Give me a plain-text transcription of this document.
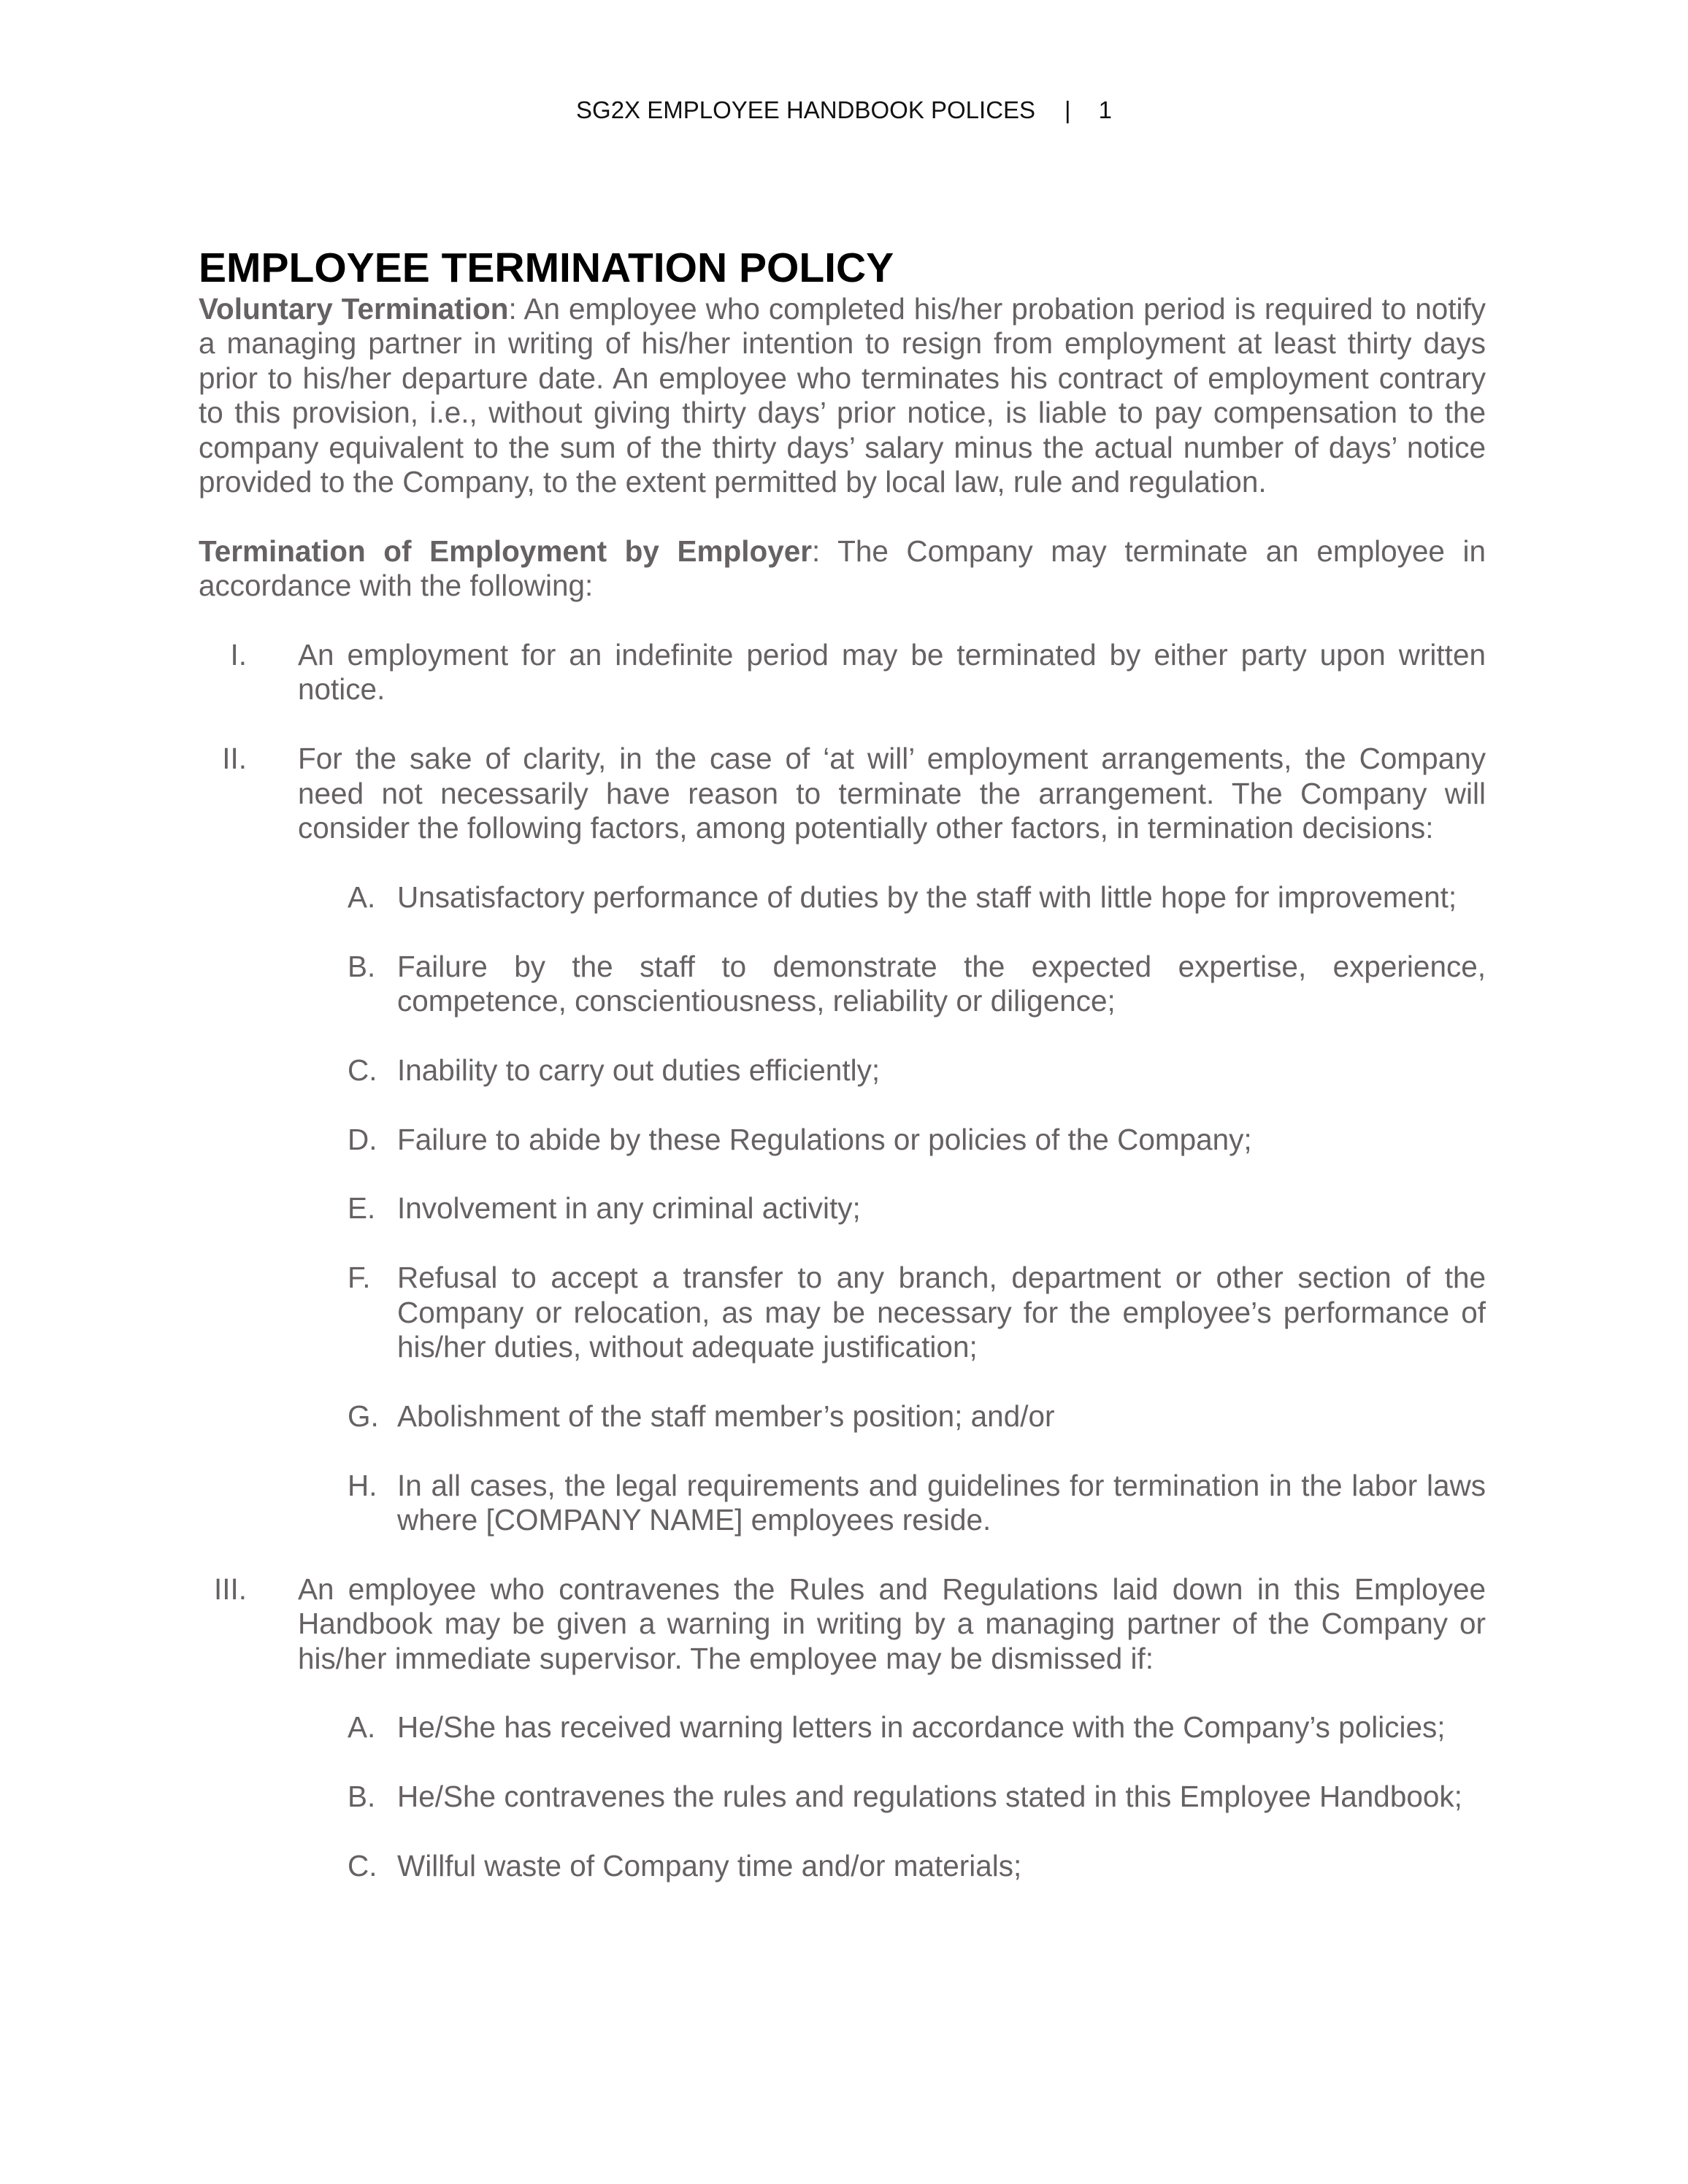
SG2X EMPLOYEE HANDBOOK POLICES | 1
EMPLOYEE TERMINATION POLICY

Voluntary Termination: An employee who completed his/her probation period is required to notify a managing partner in writing of his/her intention to resign from employment at least thirty days prior to his/her departure date. An employee who terminates his contract of employment contrary to this provision, i.e., without giving thirty days’ prior notice, is liable to pay compensation to the company equivalent to the sum of the thirty days’ salary minus the actual number of days’ notice provided to the Company, to the extent permitted by local law, rule and regulation.

Termination of Employment by Employer: The Company may terminate an employee in accordance with the following:

I. An employment for an indefinite period may be terminated by either party upon written notice.
II. For the sake of clarity, in the case of ‘at will’ employment arrangements, the Company need not necessarily have reason to terminate the arrangement. The Company will consider the following factors, among potentially other factors, in termination decisions:
A. Unsatisfactory performance of duties by the staff with little hope for improvement;
B. Failure by the staff to demonstrate the expected expertise, experience, competence, conscientiousness, reliability or diligence;
C. Inability to carry out duties efficiently;
D. Failure to abide by these Regulations or policies of the Company;
E. Involvement in any criminal activity;
F. Refusal to accept a transfer to any branch, department or other section of the Company or relocation, as may be necessary for the employee’s performance of his/her duties, without adequate justification;
G. Abolishment of the staff member’s position; and/or
H. In all cases, the legal requirements and guidelines for termination in the labor laws where [COMPANY NAME] employees reside.
III. An employee who contravenes the Rules and Regulations laid down in this Employee Handbook may be given a warning in writing by a managing partner of the Company or his/her immediate supervisor. The employee may be dismissed if:
A. He/She has received warning letters in accordance with the Company’s policies;
B. He/She contravenes the rules and regulations stated in this Employee Handbook;
C. Willful waste of Company time and/or materials;
